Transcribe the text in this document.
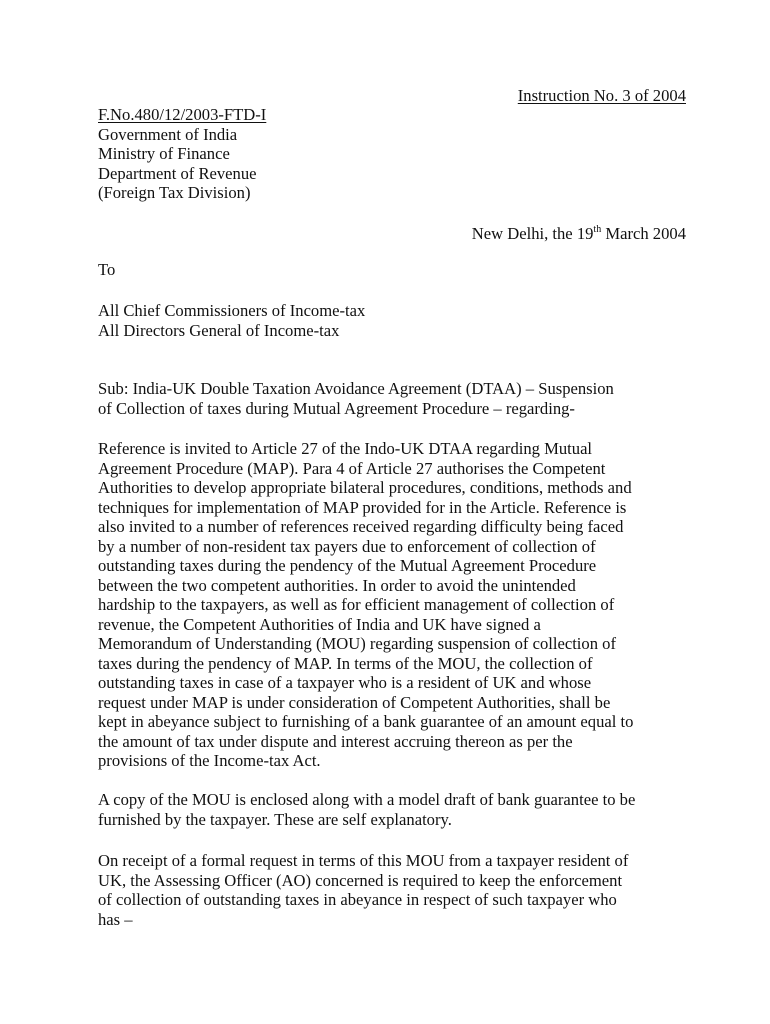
Instruction No. 3 of 2004
F.No.480/12/2003-FTD-I
Government of India
Ministry of Finance
Department of Revenue
(Foreign Tax Division)
New Delhi, the 19th March 2004
To
All Chief Commissioners of Income-tax
All Directors General of Income-tax
Sub: India-UK Double Taxation Avoidance Agreement (DTAA) – Suspension
of Collection of taxes during Mutual Agreement Procedure – regarding-
Reference is invited to Article 27 of the Indo-UK DTAA regarding Mutual
Agreement Procedure (MAP). Para 4 of Article 27 authorises the Competent
Authorities to develop appropriate bilateral procedures, conditions, methods and
techniques for implementation of MAP provided for in the Article. Reference is
also invited to a number of references received regarding difficulty being faced
by a number of non-resident tax payers due to enforcement of collection of
outstanding taxes during the pendency of the Mutual Agreement Procedure
between the two competent authorities. In order to avoid the unintended
hardship to the taxpayers, as well as for efficient management of collection of
revenue, the Competent Authorities of India and UK have signed a
Memorandum of Understanding (MOU) regarding suspension of collection of
taxes during the pendency of MAP. In terms of the MOU, the collection of
outstanding taxes in case of a taxpayer who is a resident of UK and whose
request under MAP is under consideration of Competent Authorities, shall be
kept in abeyance subject to furnishing of a bank guarantee of an amount equal to
the amount of tax under dispute and interest accruing thereon as per the
provisions of the Income-tax Act.
A copy of the MOU is enclosed along with a model draft of bank guarantee to be
furnished by the taxpayer. These are self explanatory.
On receipt of a formal request in terms of this MOU from a taxpayer resident of
UK, the Assessing Officer (AO) concerned is required to keep the enforcement
of collection of outstanding taxes in abeyance in respect of such taxpayer who
has –
